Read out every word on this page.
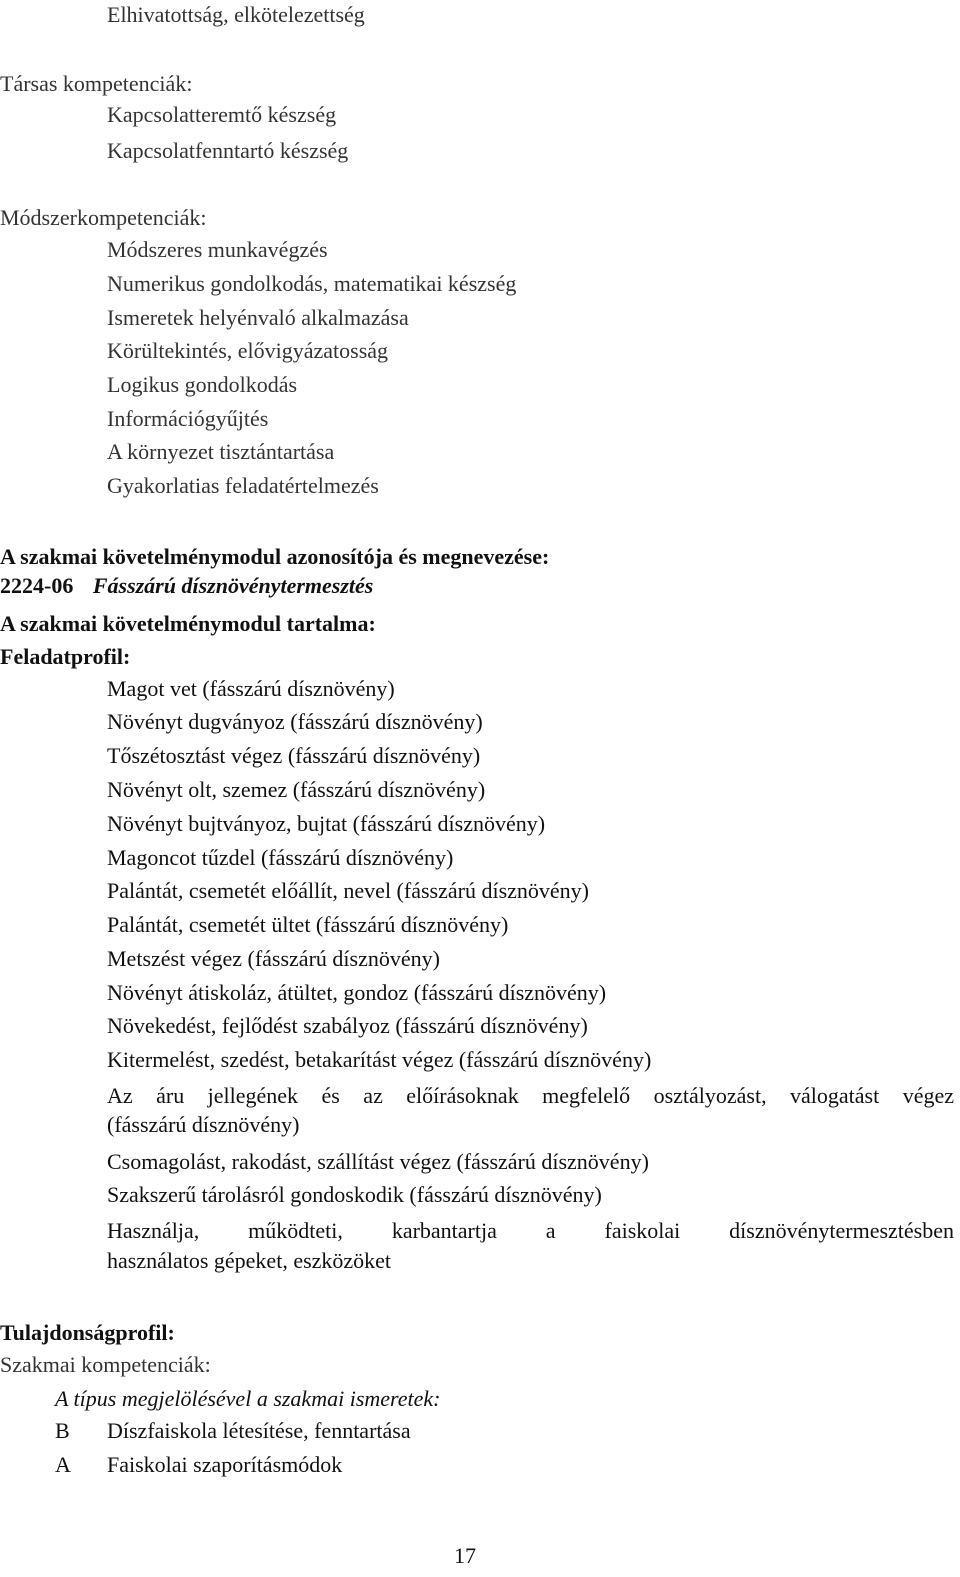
Elhivatottság, elkötelezettség
Társas kompetenciák:
Kapcsolatteremtő készség
Kapcsolatfenntartó készség
Módszerkompetenciák:
Módszeres munkavégzés
Numerikus gondolkodás, matematikai készség
Ismeretek helyénvaló alkalmazása
Körültekintés, elővigyázatosság
Logikus gondolkodás
Információgyűjtés
A környezet tisztántartása
Gyakorlatias feladatértelmezés
A szakmai követelménymodul azonosítója és megnevezése:
2224-06 Fásszárú dísznövénytermesztés
A szakmai követelménymodul tartalma:
Feladatprofil:
Magot vet (fásszárú dísznövény)
Növényt dugványoz (fásszárú dísznövény)
Tőszétosztást végez (fásszárú dísznövény)
Növényt olt, szemez (fásszárú dísznövény)
Növényt bujtványoz, bujtat (fásszárú dísznövény)
Magoncot tűzdel (fásszárú dísznövény)
Palántát, csemetét előállít, nevel (fásszárú dísznövény)
Palántát, csemetét ültet (fásszárú dísznövény)
Metszést végez (fásszárú dísznövény)
Növényt átiskoláz, átültet, gondoz (fásszárú dísznövény)
Növekedést, fejlődést szabályoz (fásszárú dísznövény)
Kitermelést, szedést, betakarítást végez (fásszárú dísznövény)
Az áru jellegének és az előírásoknak megfelelő osztályozást, válogatást végez
(fásszárú dísznövény)
Csomagolást, rakodást, szállítást végez (fásszárú dísznövény)
Szakszerű tárolásról gondoskodik (fásszárú dísznövény)
Használja, működteti, karbantartja a faiskolai dísznövénytermesztésben
használatos gépeket, eszközöket
Tulajdonságprofil:
Szakmai kompetenciák:
A típus megjelölésével a szakmai ismeretek:
B Díszfaiskola létesítése, fenntartása
A Faiskolai szaporításmódok
17
